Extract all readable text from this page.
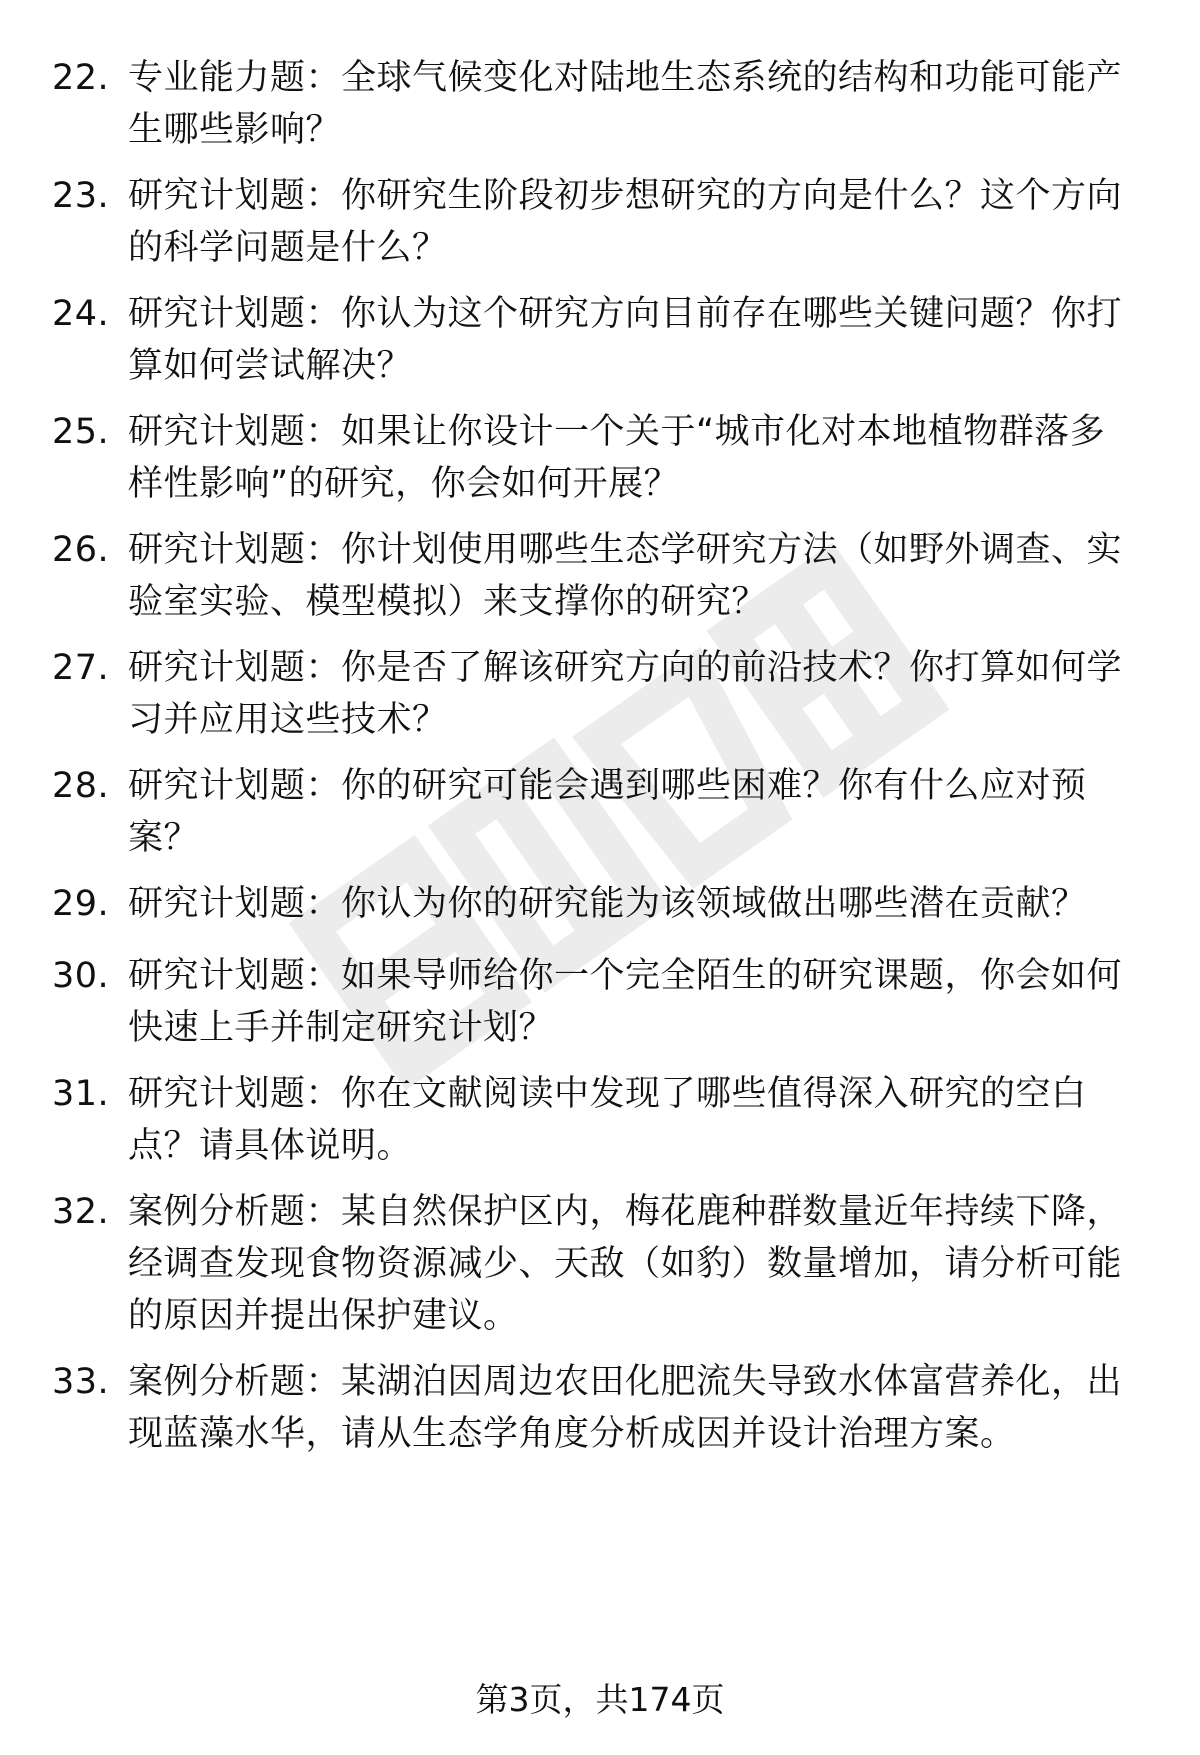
22. 专业能力题：全球气候变化对陆地生态系统的结构和功能可能产生哪些影响？
23. 研究计划题：你研究生阶段初步想研究的方向是什么？这个方向的科学问题是什么？
24. 研究计划题：你认为这个研究方向目前存在哪些关键问题？你打算如何尝试解决？
25. 研究计划题：如果让你设计一个关于“城市化对本地植物群落多样性影响”的研究，你会如何开展？
26. 研究计划题：你计划使用哪些生态学研究方法（如野外调查、实验室实验、模型模拟）来支撑你的研究？
27. 研究计划题：你是否了解该研究方向的前沿技术？你打算如何学习并应用这些技术？
28. 研究计划题：你的研究可能会遇到哪些困难？你有什么应对预案？
29. 研究计划题：你认为你的研究能为该领域做出哪些潜在贡献？
30. 研究计划题：如果导师给你一个完全陌生的研究课题，你会如何快速上手并制定研究计划？
31. 研究计划题：你在文献阅读中发现了哪些值得深入研究的空白点？请具体说明。
32. 案例分析题：某自然保护区内，梅花鹿种群数量近年持续下降，经调查发现食物资源减少、天敌（如豹）数量增加，请分析可能的原因并提出保护建议。
33. 案例分析题：某湖泊因周边农田化肥流失导致水体富营养化，出现蓝藻水华，请从生态学角度分析成因并设计治理方案。
第3页，共174页
